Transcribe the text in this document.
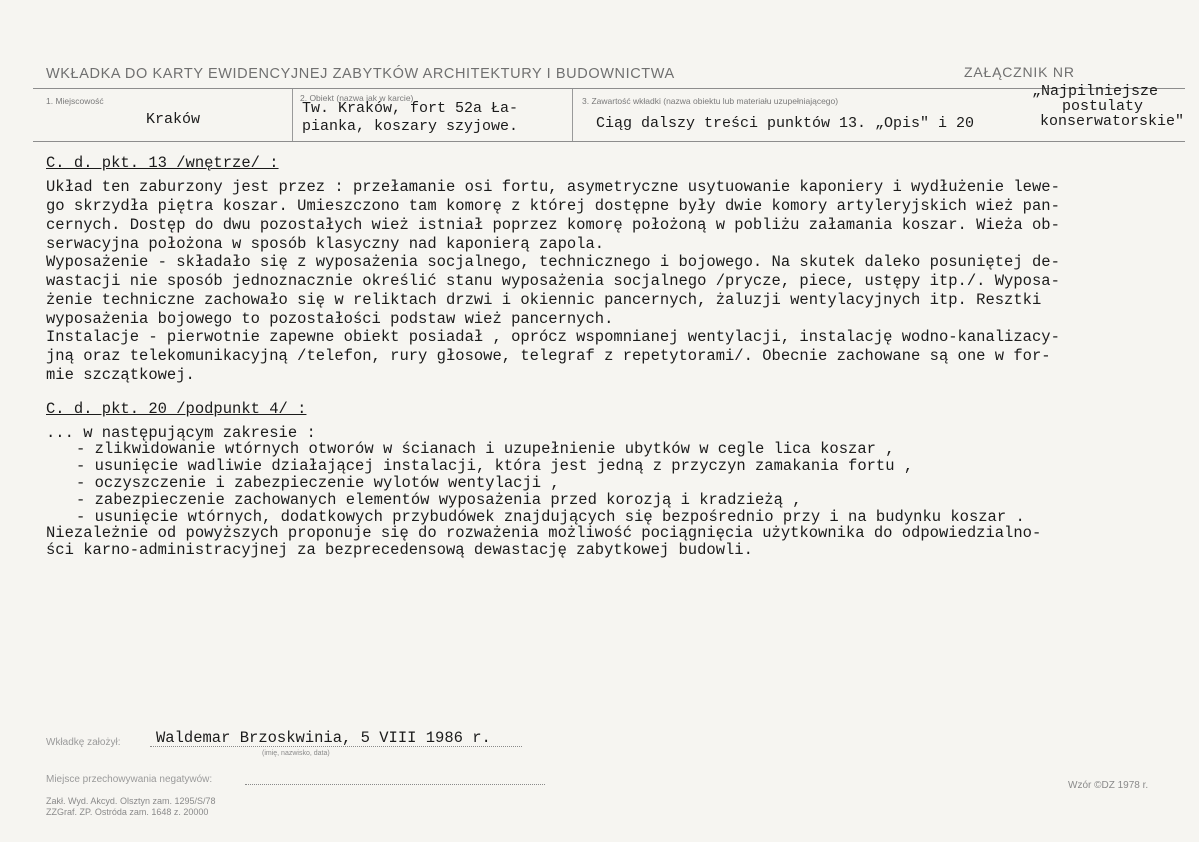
WKŁADKA DO KARTY EWIDENCYJNEJ ZABYTKÓW ARCHITEKTURY I BUDOWNICTWA	ZAŁĄCZNIK NR
1. Miejscowość
Kraków
2. Obiekt (nazwa jak w karcie)
Tw. Kraków, fort 52a Ła-
pianka, koszary szyjowe.
3. Zawartość wkładki (nazwa obiektu lub materiału uzupełniającego)
Ciąg dalszy treści punktów 13. „Opis" i 20
„Najpilniejsze
postulaty
konserwatorskie"
C. d. pkt. 13 /wnętrze/ :
Układ ten zaburzony jest przez : przełamanie osi fortu, asymetryczne usytuowanie kaponiery i wydłużenie lewe-
go skrzydła piętra koszar. Umieszczono tam komorę z której dostępne były dwie komory artyleryjskich wież pan-
cernych. Dostęp do dwu pozostałych wież istniał poprzez komorę położoną w pobliżu załamania koszar. Wieża ob-
serwacyjna położona w sposób klasyczny nad kaponierą zapola.
Wyposażenie - składało się z wyposażenia socjalnego, technicznego i bojowego. Na skutek daleko posuniętej de-
wastacji nie sposób jednoznacznie określić stanu wyposażenia socjalnego /prycze, piece, ustępy itp./. Wyposa-
żenie techniczne zachowało się w reliktach drzwi i okiennic pancernych, żaluzji wentylacyjnych itp. Resztki
wyposażenia bojowego to pozostałości podstaw wież pancernych.
Instalacje - pierwotnie zapewne obiekt posiadał , oprócz wspomnianej wentylacji, instalację wodno-kanalizacy-
jną oraz telekomunikacyjną /telefon, rury głosowe, telegraf z repetytorami/. Obecnie zachowane są one w for-
mie szczątkowej.
C. d. pkt. 20 /podpunkt 4/ :
... w następującym zakresie :
- zlikwidowanie wtórnych otworów w ścianach i uzupełnienie ubytków w cegle lica koszar ,
- usunięcie wadliwie działającej instalacji, która jest jedną z przyczyn zamakania fortu ,
- oczyszczenie i zabezpieczenie wylotów wentylacji ,
- zabezpieczenie zachowanych elementów wyposażenia przed korozją i kradzieżą ,
- usunięcie wtórnych, dodatkowych przybudówek znajdujących się bezpośrednio przy i na budynku koszar .
Niezależnie od powyższych proponuje się do rozważenia możliwość pociągnięcia użytkownika do odpowiedzialno-
ści karno-administracyjnej za bezprecedensową dewastację zabytkowej budowli.
Wkładkę założył: Waldemar Brzoskwinia, 5 VIII 1986 r.
(imię, nazwisko, data)
Miejsce przechowywania negatywów:
Zakł. Wyd. Akcyd. Olsztyn zam. 1295/S/78
ZZGraf. ZP. Ostróda zam. 1648 z. 20000
Wzór ©DZ 1978 r.
